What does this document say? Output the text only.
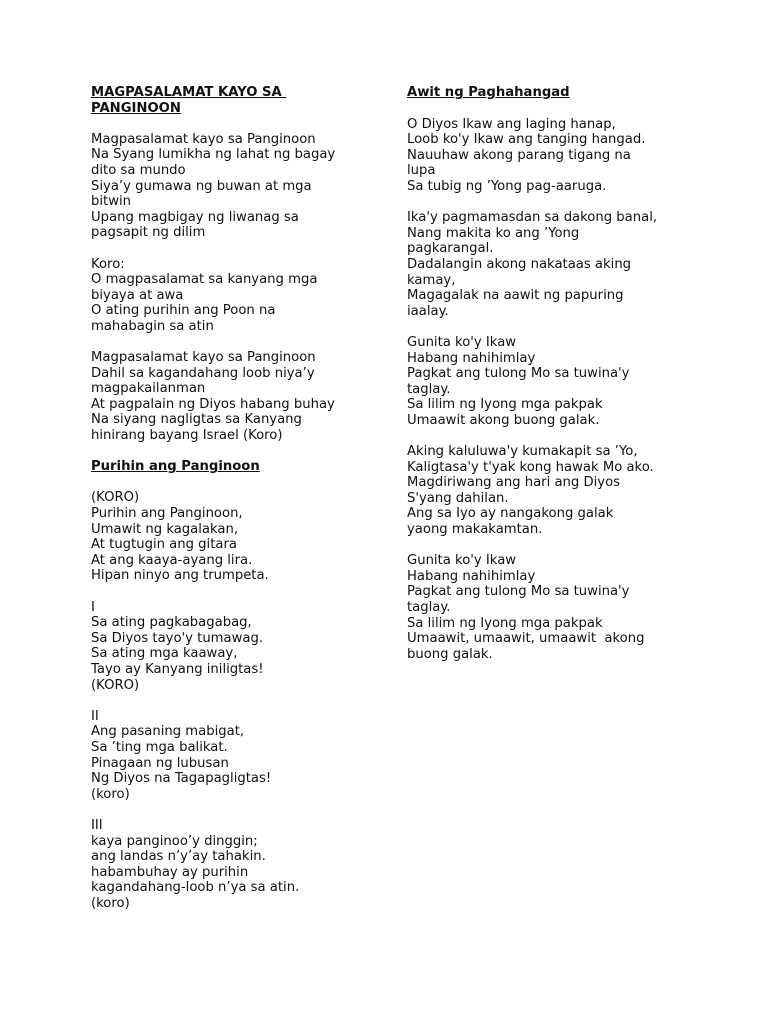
MAGPASALAMAT KAYO SA
PANGINOON
Magpasalamat kayo sa Panginoon
Na Syang lumikha ng lahat ng bagay
dito sa mundo
Siya’y gumawa ng buwan at mga
bitwin
Upang magbigay ng liwanag sa
pagsapit ng dilim
Koro:
O magpasalamat sa kanyang mga
biyaya at awa
O ating purihin ang Poon na
mahabagin sa atin
Magpasalamat kayo sa Panginoon
Dahil sa kagandahang loob niya’y
magpakailanman
At pagpalain ng Diyos habang buhay
Na siyang nagligtas sa Kanyang
hinirang bayang Israel (Koro)
Purihin ang Panginoon
(KORO)
Purihin ang Panginoon,
Umawit ng kagalakan,
At tugtugin ang gitara
At ang kaaya-ayang lira.
Hipan ninyo ang trumpeta.
I
Sa ating pagkabagabag,
Sa Diyos tayo'y tumawag.
Sa ating mga kaaway,
Tayo ay Kanyang iniligtas!
(KORO)
II
Ang pasaning mabigat,
Sa ’ting mga balikat.
Pinagaan ng lubusan
Ng Diyos na Tagapagligtas!
(koro)
III
kaya panginoo’y dinggin;
ang landas n’y’ay tahakin.
habambuhay ay purihin
kagandahang-loob n’ya sa atin.
(koro)
Awit ng Paghahangad
O Diyos Ikaw ang laging hanap,
Loob ko'y Ikaw ang tanging hangad.
Nauuhaw akong parang tigang na
lupa
Sa tubig ng ’Yong pag-aaruga.
Ika'y pagmamasdan sa dakong banal,
Nang makita ko ang ’Yong
pagkarangal.
Dadalangin akong nakataas aking
kamay,
Magagalak na aawit ng papuring
iaalay.
Gunita ko'y Ikaw
Habang nahihimlay
Pagkat ang tulong Mo sa tuwina'y
taglay.
Sa lilim ng Iyong mga pakpak
Umaawit akong buong galak.
Aking kaluluwa'y kumakapit sa ’Yo,
Kaligtasa'y t'yak kong hawak Mo ako.
Magdiriwang ang hari ang Diyos
S'yang dahilan.
Ang sa Iyo ay nangakong galak
yaong makakamtan.
Gunita ko'y Ikaw
Habang nahihimlay
Pagkat ang tulong Mo sa tuwina'y
taglay.
Sa lilim ng Iyong mga pakpak
Umaawit, umaawit, umaawit  akong
buong galak.
